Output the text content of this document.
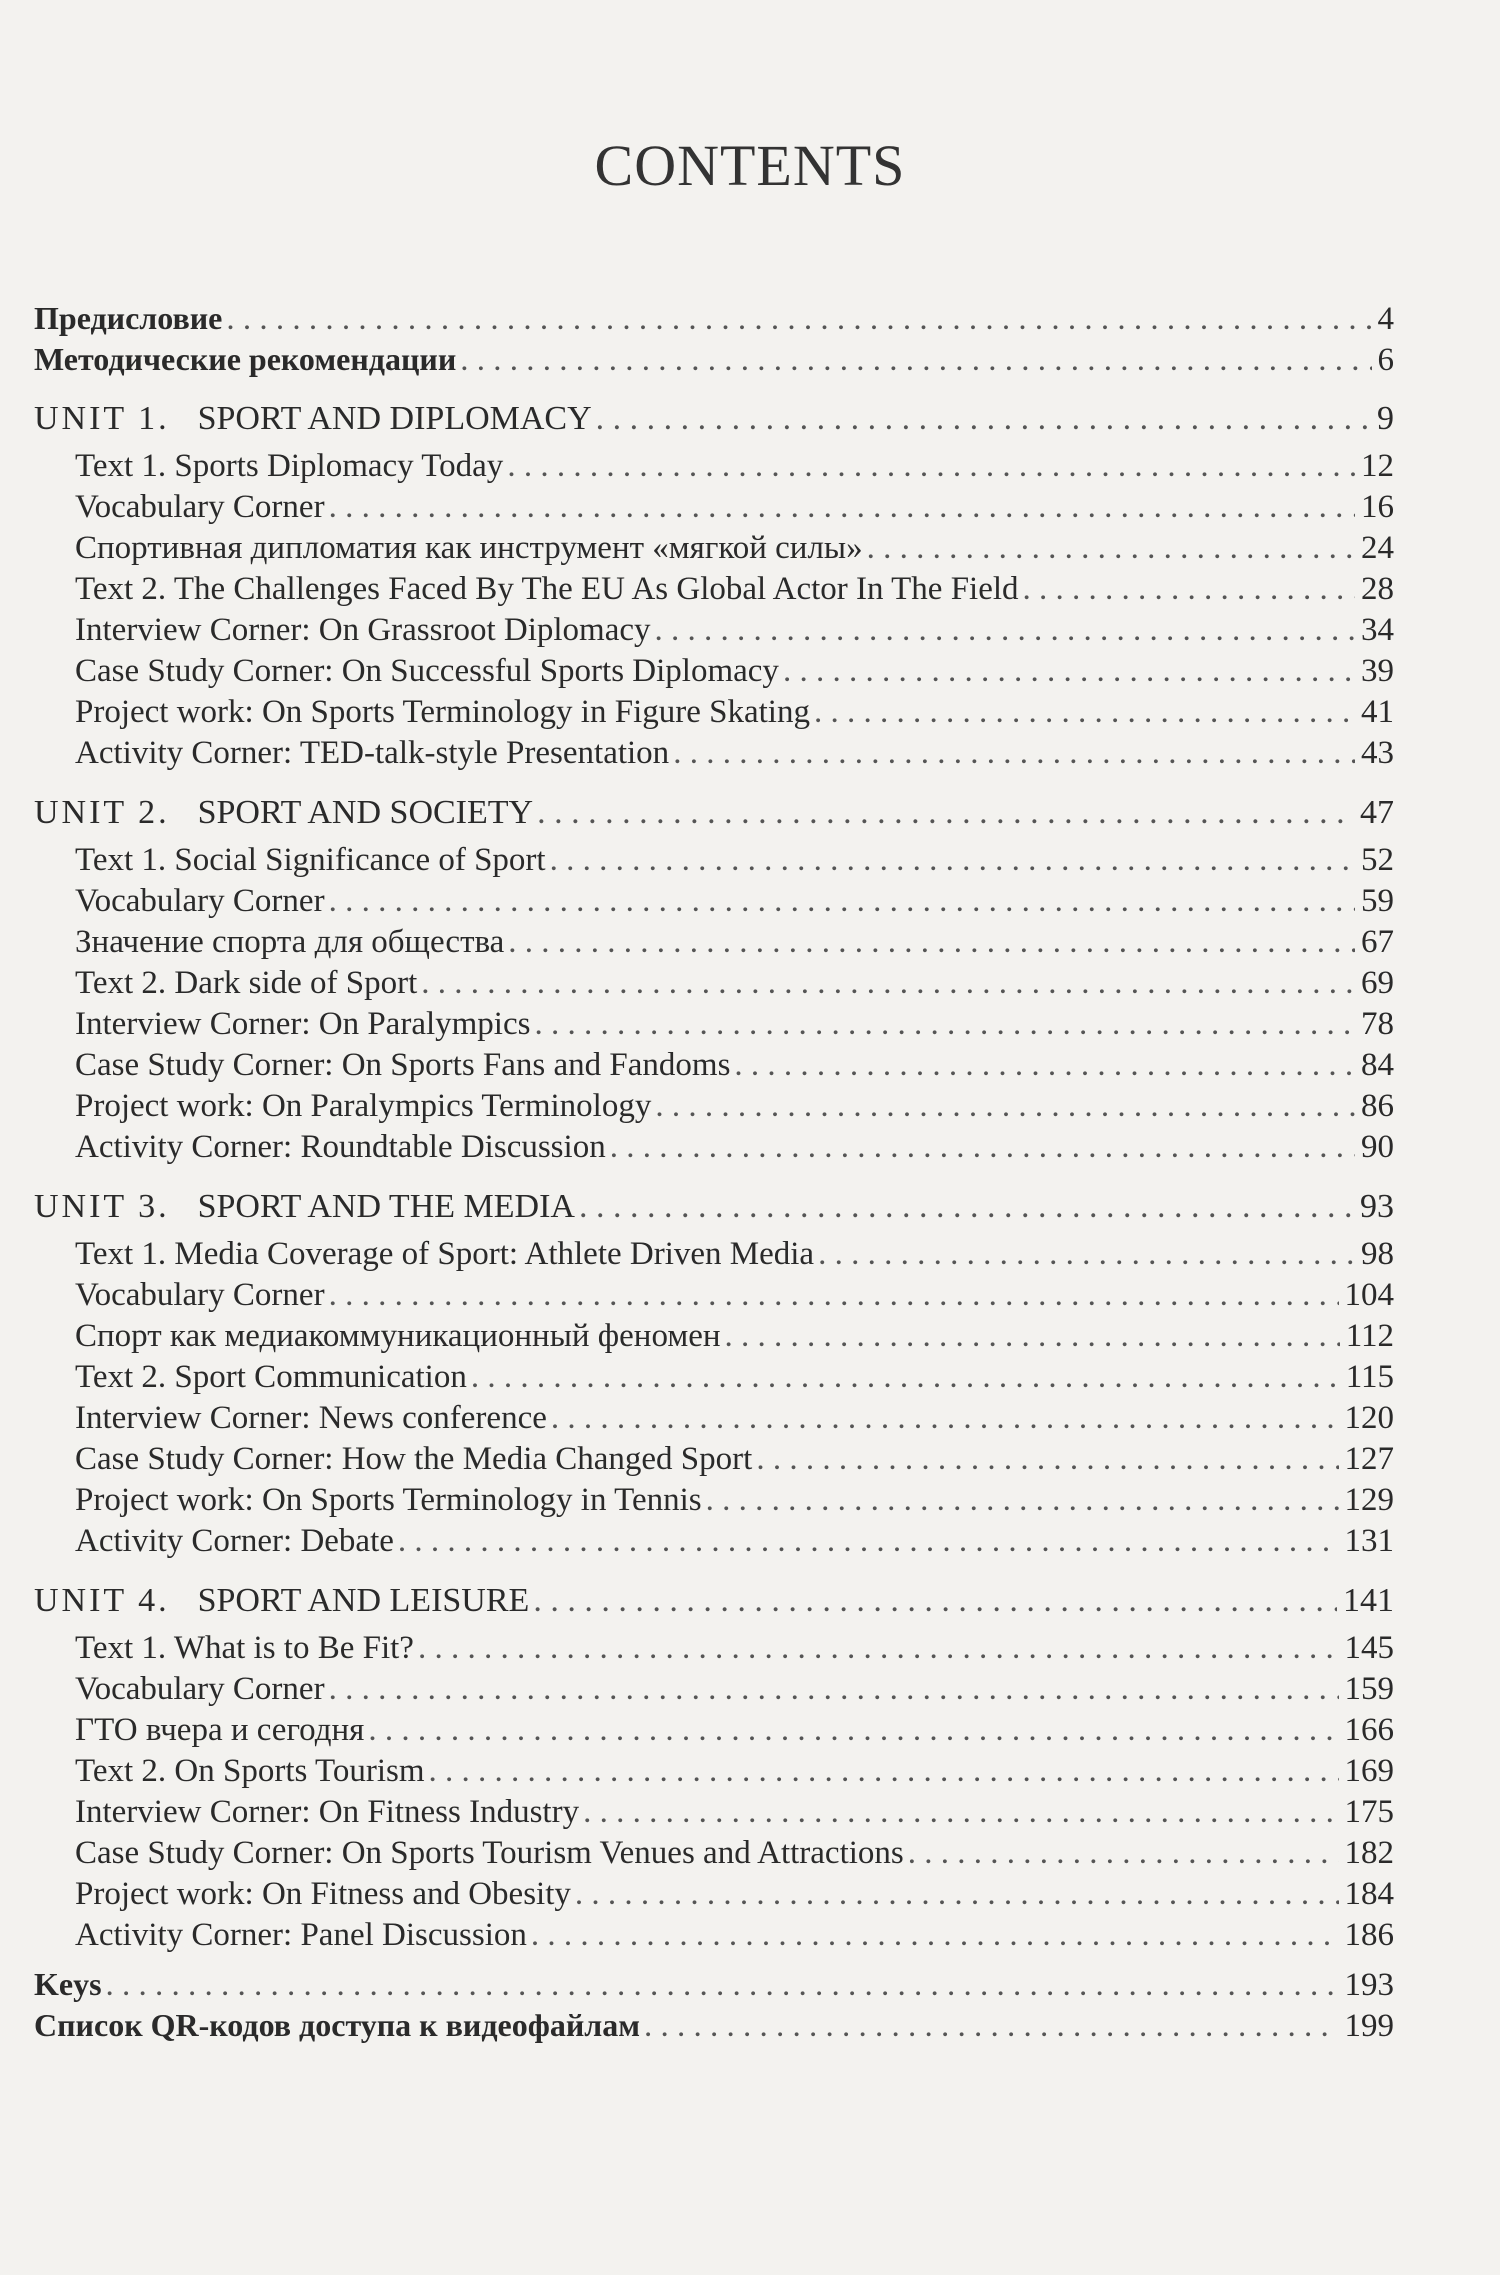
CONTENTS
Предисловие . . .	4
Методические рекомендации . . .	6
UNIT 1. SPORT AND DIPLOMACY . . .	9
Text 1. Sports Diplomacy Today . . .	12
Vocabulary Corner . . .	16
Спортивная дипломатия как инструмент «мягкой силы» . . .	24
Text 2. The Challenges Faced By The EU As Global Actor In The Field . . .	28
Interview Corner: On Grassroot Diplomacy . . .	34
Case Study Corner: On Successful Sports Diplomacy . . .	39
Project work: On Sports Terminology in Figure Skating . . .	41
Activity Corner: TED-talk-style Presentation . . .	43
UNIT 2. SPORT AND SOCIETY . . .	47
Text 1. Social Significance of Sport . . .	52
Vocabulary Corner . . .	59
Значение спорта для общества . . .	67
Text 2. Dark side of Sport . . .	69
Interview Corner: On Paralympics . . .	78
Case Study Corner: On Sports Fans and Fandoms . . .	84
Project work: On Paralympics Terminology . . .	86
Activity Corner: Roundtable Discussion . . .	90
UNIT 3. SPORT AND THE MEDIA . . .	93
Text 1. Media Coverage of Sport: Athlete Driven Media . . .	98
Vocabulary Corner . . .	104
Спорт как медиакоммуникационный феномен . . .	112
Text 2. Sport Communication . . .	115
Interview Corner: News conference . . .	120
Case Study Corner: How the Media Changed Sport . . .	127
Project work: On Sports Terminology in Tennis . . .	129
Activity Corner: Debate . . .	131
UNIT 4. SPORT AND LEISURE . . .	141
Text 1. What is to Be Fit? . . .	145
Vocabulary Corner . . .	159
ГТО вчера и сегодня . . .	166
Text 2. On Sports Tourism . . .	169
Interview Corner: On Fitness Industry . . .	175
Case Study Corner: On Sports Tourism Venues and Attractions . . .	182
Project work: On Fitness and Obesity . . .	184
Activity Corner: Panel Discussion . . .	186
Keys . . .	193
Список QR-кодов доступа к видеофайлам . . .	199
